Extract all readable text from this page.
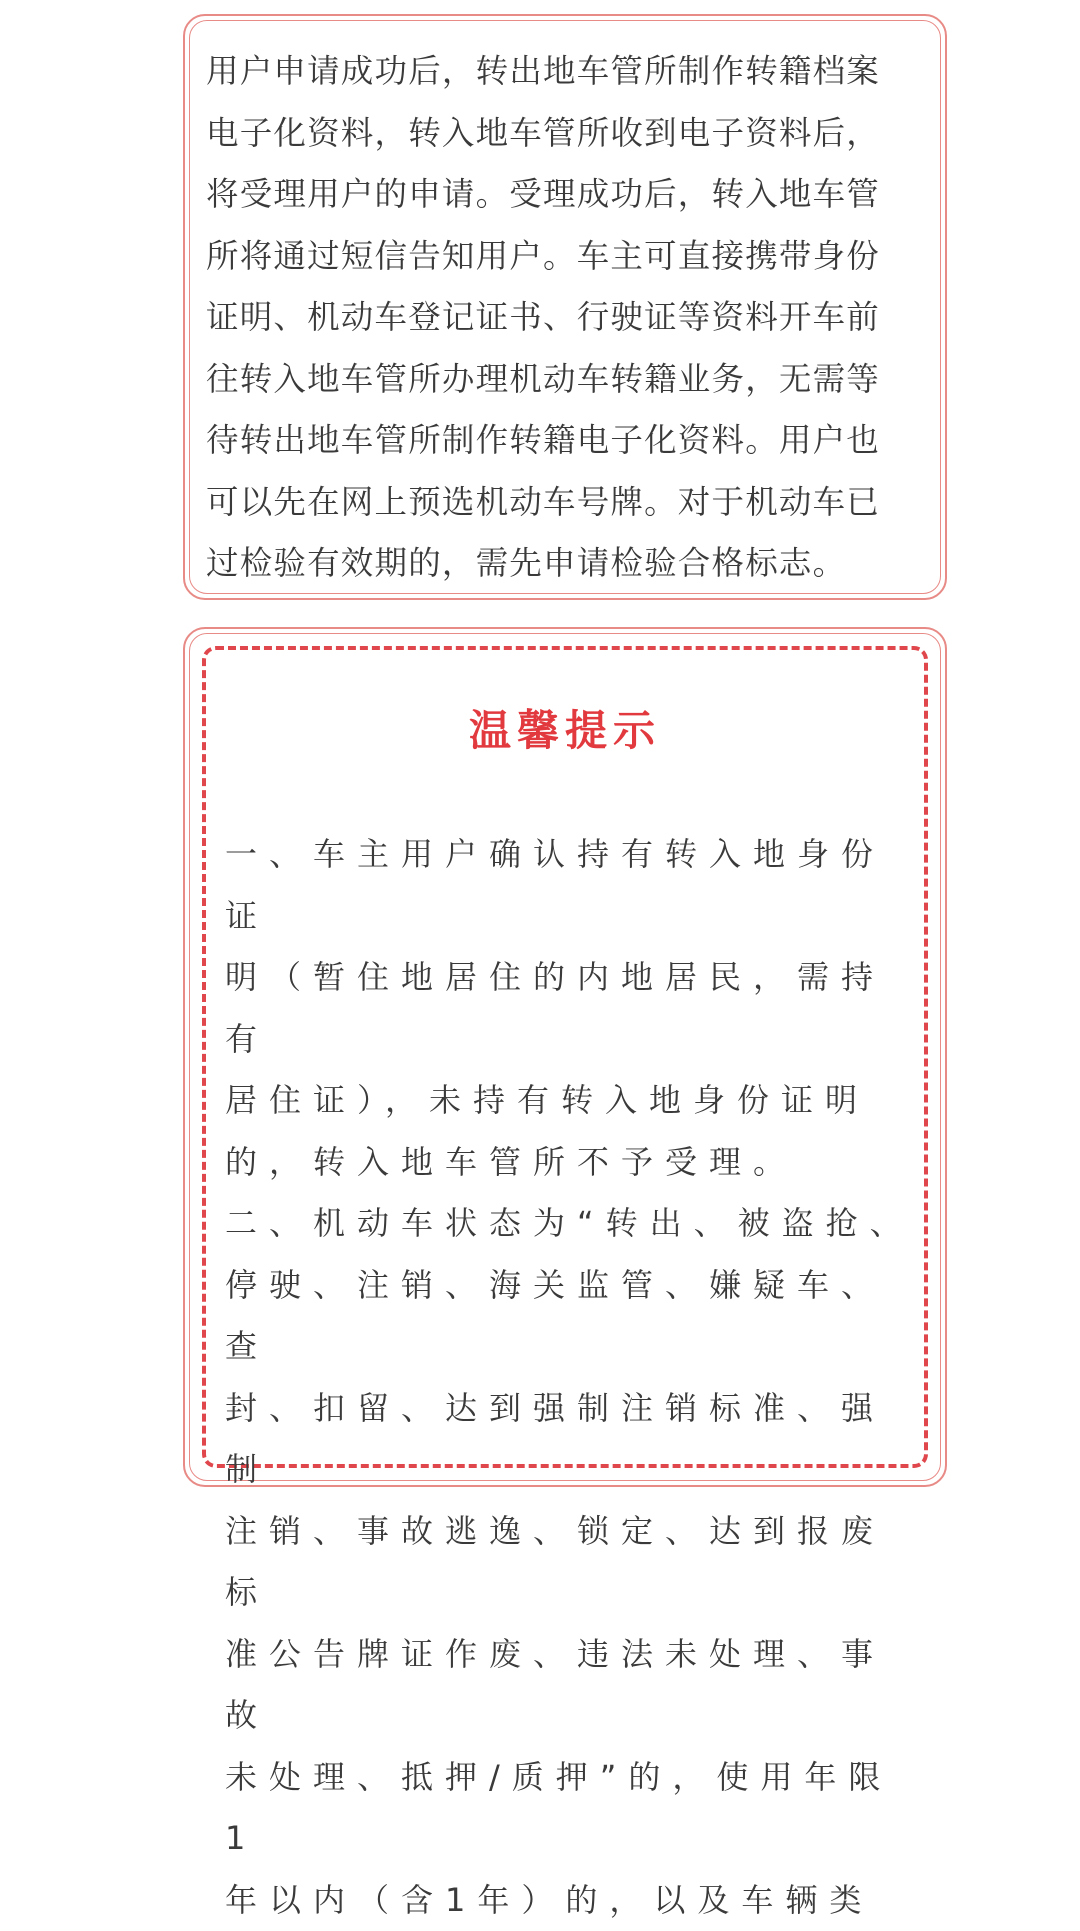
用户申请成功后，转出地车管所制作转籍档案
电子化资料，转入地车管所收到电子资料后，
将受理用户的申请。受理成功后，转入地车管
所将通过短信告知用户。车主可直接携带身份
证明、机动车登记证书、行驶证等资料开车前
往转入地车管所办理机动车转籍业务，无需等
待转出地车管所制作转籍电子化资料。用户也
可以先在网上预选机动车号牌。对于机动车已
过检验有效期的，需先申请检验合格标志。

温馨提示

一、车主用户确认持有转入地身份证
明（暂住地居住的内地居民，需持有
居住证），未持有转入地身份证明
的，转入地车管所不予受理。
二、机动车状态为“转出、被盗抢、
停驶、注销、海关监管、嫌疑车、查
封、扣留、达到强制注销标准、强制
注销、事故逃逸、锁定、达到报废标
准公告牌证作废、违法未处理、事故
未处理、抵押/质押”的，使用年限1
年以内（含1年）的，以及车辆类
